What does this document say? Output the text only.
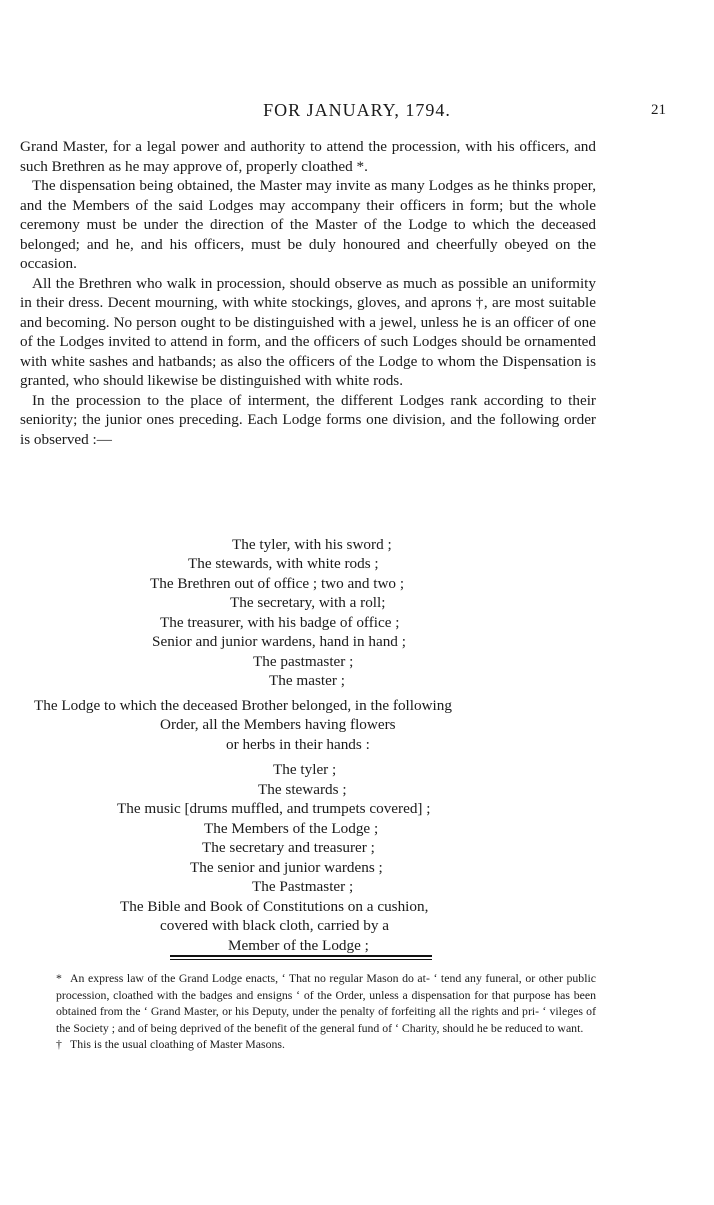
FOR JANUARY, 1794.	21

Grand Master, for a legal power and authority to attend the procession, with his officers, and such Brethren as he may approve of, properly cloathed *.

The dispensation being obtained, the Master may invite as many Lodges as he thinks proper, and the Members of the said Lodges may accompany their officers in form; but the whole ceremony must be under the direction of the Master of the Lodge to which the deceased belonged; and he, and his officers, must be duly honoured and cheerfully obeyed on the occasion.

All the Brethren who walk in procession, should observe as much as possible an uniformity in their dress. Decent mourning, with white stockings, gloves, and aprons †, are most suitable and becoming. No person ought to be distinguished with a jewel, unless he is an officer of one of the Lodges invited to attend in form, and the officers of such Lodges should be ornamented with white sashes and hatbands; as also the officers of the Lodge to whom the Dispensation is granted, who should likewise be distinguished with white rods.

In the procession to the place of interment, the different Lodges rank according to their seniority; the junior ones preceding. Each Lodge forms one division, and the following order is observed :—

The tyler, with his sword ;
The stewards, with white rods ;
The Brethren out of office ; two and two ;
The secretary, with a roll;
The treasurer, with his badge of office ;
Senior and junior wardens, hand in hand ;
The pastmaster ;
The master ;
The Lodge to which the deceased Brother belonged, in the following
Order, all the Members having flowers
or herbs in their hands :
The tyler ;
The stewards ;
The music [drums muffled, and trumpets covered] ;
The Members of the Lodge ;
The secretary and treasurer ;
The senior and junior wardens ;
The Pastmaster ;
The Bible and Book of Constitutions on a cushion,
covered with black cloth, carried by a
Member of the Lodge ;

* An express law of the Grand Lodge enacts, ‘ That no regular Mason do at- ‘ tend any funeral, or other public procession, cloathed with the badges and ensigns ‘ of the Order, unless a dispensation for that purpose has been obtained from the ‘ Grand Master, or his Deputy, under the penalty of forfeiting all the rights and pri- ‘ vileges of the Society ; and of being deprived of the benefit of the general fund of ‘ Charity, should he be reduced to want.

† This is the usual cloathing of Master Masons.
